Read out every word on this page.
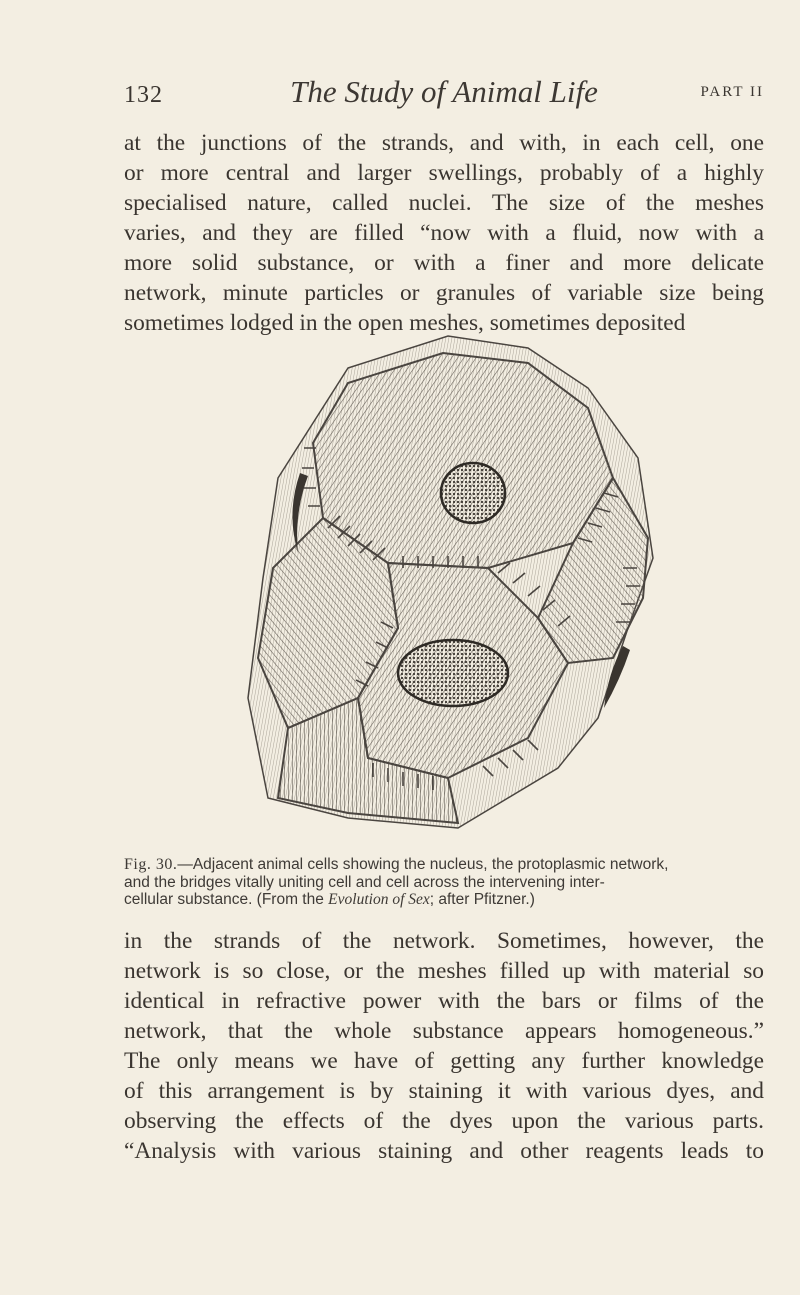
132	The Study of Animal Life	PART II

at the junctions of the strands, and with, in each cell, one
or more central and larger swellings, probably of a highly
specialised nature, called nuclei. The size of the meshes
varies, and they are filled “now with a fluid, now with a
more solid substance, or with a finer and more delicate
network, minute particles or granules of variable size being
sometimes lodged in the open meshes, sometimes deposited

Fig. 30.—Adjacent animal cells showing the nucleus, the protoplasmic network,
and the bridges vitally uniting cell and cell across the intervening inter-
cellular substance. (From the Evolution of Sex; after Pfitzner.)

in the strands of the network. Sometimes, however, the
network is so close, or the meshes filled up with material so
identical in refractive power with the bars or films of the
network, that the whole substance appears homogeneous.”
The only means we have of getting any further knowledge
of this arrangement is by staining it with various dyes, and
observing the effects of the dyes upon the various parts.
“Analysis with various staining and other reagents leads to
